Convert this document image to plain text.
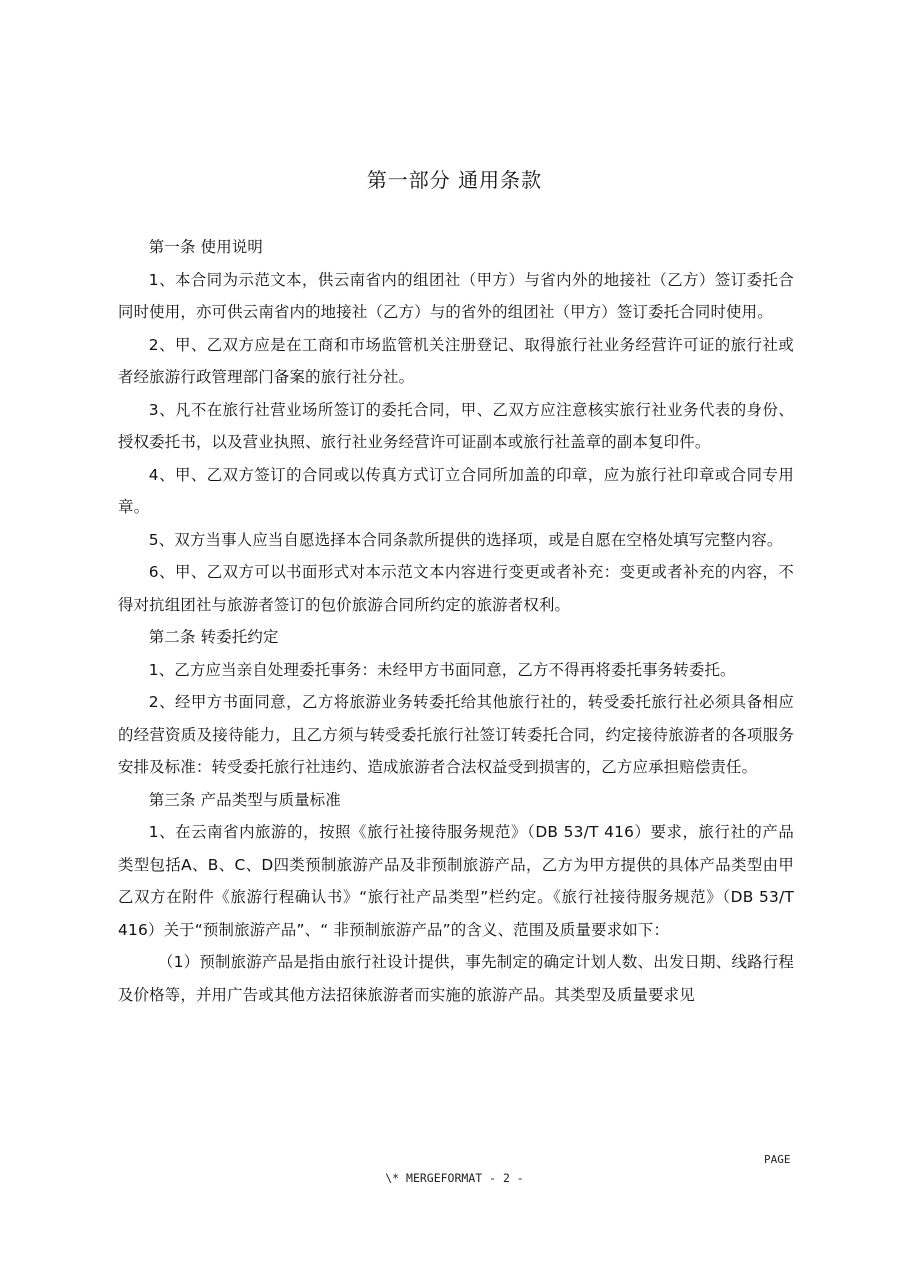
第一部分 通用条款

第一条 使用说明

1、本合同为示范文本，供云南省内的组团社（甲方）与省内外的地接社（乙方）签订委托合同时使用，亦可供云南省内的地接社（乙方）与的省外的组团社（甲方）签订委托合同时使用。

2、甲、乙双方应是在工商和市场监管机关注册登记、取得旅行社业务经营许可证的旅行社或者经旅游行政管理部门备案的旅行社分社。

3、凡不在旅行社营业场所签订的委托合同，甲、乙双方应注意核实旅行社业务代表的身份、授权委托书，以及营业执照、旅行社业务经营许可证副本或旅行社盖章的副本复印件。

4、甲、乙双方签订的合同或以传真方式订立合同所加盖的印章，应为旅行社印章或合同专用章。

5、双方当事人应当自愿选择本合同条款所提供的选择项，或是自愿在空格处填写完整内容。

6、甲、乙双方可以书面形式对本示范文本内容进行变更或者补充：变更或者补充的内容，不得对抗组团社与旅游者签订的包价旅游合同所约定的旅游者权利。

第二条 转委托约定

1、乙方应当亲自处理委托事务：未经甲方书面同意，乙方不得再将委托事务转委托。

2、经甲方书面同意，乙方将旅游业务转委托给其他旅行社的，转受委托旅行社必须具备相应的经营资质及接待能力，且乙方须与转受委托旅行社签订转委托合同，约定接待旅游者的各项服务安排及标准：转受委托旅行社违约、造成旅游者合法权益受到损害的，乙方应承担赔偿责任。

第三条 产品类型与质量标准

1、在云南省内旅游的，按照《旅行社接待服务规范》（DB 53/T 416）要求，旅行社的产品类型包括A、B、C、D四类预制旅游产品及非预制旅游产品，乙方为甲方提供的具体产品类型由甲乙双方在附件《旅游行程确认书》“旅行社产品类型”栏约定。《旅行社接待服务规范》（DB 53/T 416）关于“预制旅游产品”、“ 非预制旅游产品”的含义、范围及质量要求如下：

（1）预制旅游产品是指由旅行社设计提供，事先制定的确定计划人数、出发日期、线路行程及价格等，并用广告或其他方法招徕旅游者而实施的旅游产品。其类型及质量要求见

PAGE
\* MERGEFORMAT - 2 -
